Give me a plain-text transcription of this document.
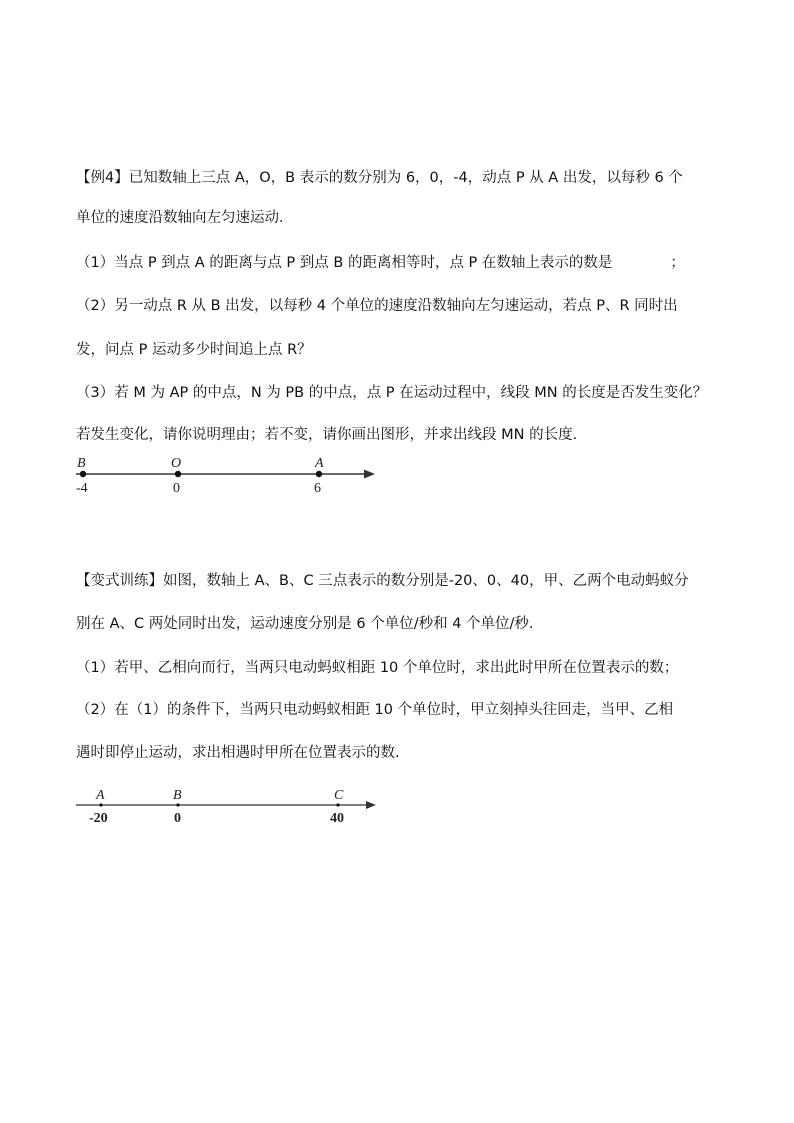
【例4】已知数轴上三点 A，O，B 表示的数分别为 6，0，-4，动点 P 从 A 出发，以每秒 6 个
单位的速度沿数轴向左匀速运动．
（1）当点 P 到点 A 的距离与点 P 到点 B 的距离相等时，点 P 在数轴上表示的数是	；
（2）另一动点 R 从 B 出发，以每秒 4 个单位的速度沿数轴向左匀速运动，若点 P、R 同时出
发，问点 P 运动多少时间追上点 R？
（3）若 M 为 AP 的中点，N 为 PB 的中点，点 P 在运动过程中，线段 MN 的长度是否发生变化？
若发生变化，请你说明理由；若不变，请你画出图形，并求出线段 MN 的长度．
B	O	A
-4	0	6
【变式训练】如图，数轴上 A、B、C 三点表示的数分别是-20、0、40，甲、乙两个电动蚂蚁分
别在 A、C 两处同时出发，运动速度分别是 6 个单位/秒和 4 个单位/秒.
（1）若甲、乙相向而行，当两只电动蚂蚁相距 10 个单位时，求出此时甲所在位置表示的数；
（2）在（1）的条件下，当两只电动蚂蚁相距 10 个单位时，甲立刻掉头往回走，当甲、乙相
遇时即停止运动，求出相遇时甲所在位置表示的数.
A	B	C
-20	0	40
